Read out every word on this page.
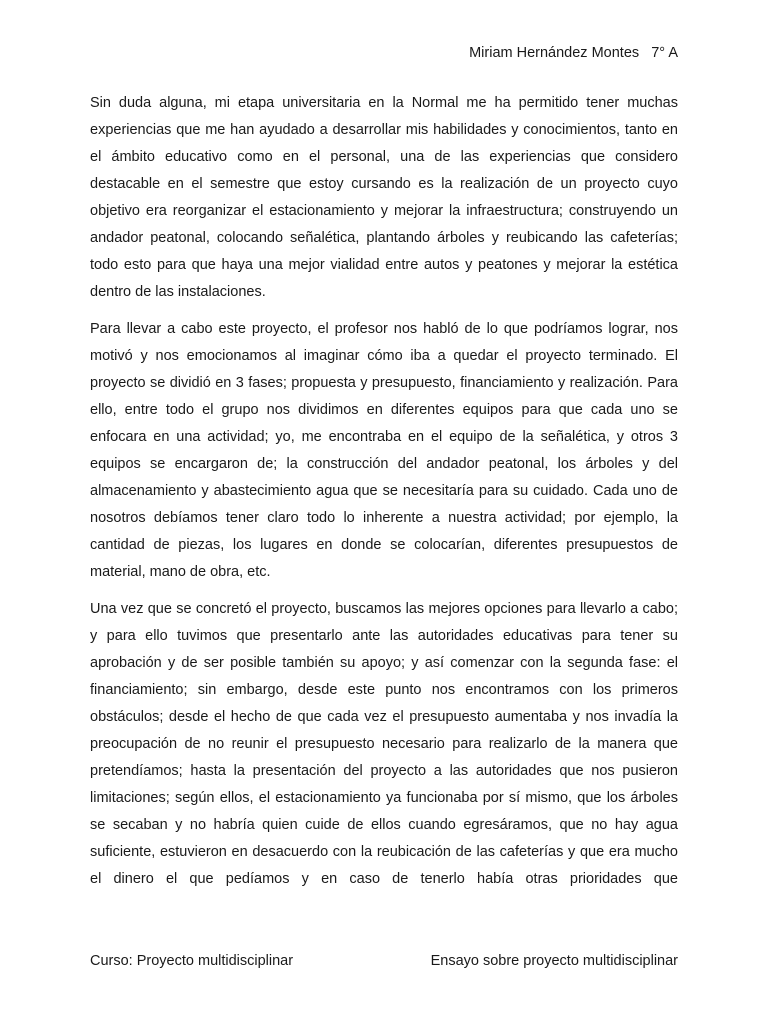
Miriam Hernández Montes 7° A

Sin duda alguna, mi etapa universitaria en la Normal me ha permitido tener muchas experiencias que me han ayudado a desarrollar mis habilidades y conocimientos, tanto en el ámbito educativo como en el personal, una de las experiencias que considero destacable en el semestre que estoy cursando es la realización de un proyecto cuyo objetivo era reorganizar el estacionamiento y mejorar la infraestructura; construyendo un andador peatonal, colocando señalética, plantando árboles y reubicando las cafeterías; todo esto para que haya una mejor vialidad entre autos y peatones y mejorar la estética dentro de las instalaciones.

Para llevar a cabo este proyecto, el profesor nos habló de lo que podríamos lograr, nos motivó y nos emocionamos al imaginar cómo iba a quedar el proyecto terminado. El proyecto se dividió en 3 fases; propuesta y presupuesto, financiamiento y realización. Para ello, entre todo el grupo nos dividimos en diferentes equipos para que cada uno se enfocara en una actividad; yo, me encontraba en el equipo de la señalética, y otros 3 equipos se encargaron de; la construcción del andador peatonal, los árboles y del almacenamiento y abastecimiento agua que se necesitaría para su cuidado. Cada uno de nosotros debíamos tener claro todo lo inherente a nuestra actividad; por ejemplo, la cantidad de piezas, los lugares en donde se colocarían, diferentes presupuestos de material, mano de obra, etc.

Una vez que se concretó el proyecto, buscamos las mejores opciones para llevarlo a cabo; y para ello tuvimos que presentarlo ante las autoridades educativas para tener su aprobación y de ser posible también su apoyo; y así comenzar con la segunda fase: el financiamiento; sin embargo, desde este punto nos encontramos con los primeros obstáculos; desde el hecho de que cada vez el presupuesto aumentaba y nos invadía la preocupación de no reunir el presupuesto necesario para realizarlo de la manera que pretendíamos; hasta la presentación del proyecto a las autoridades que nos pusieron limitaciones; según ellos, el estacionamiento ya funcionaba por sí mismo, que los árboles se secaban y no habría quien cuide de ellos cuando egresáramos, que no hay agua suficiente, estuvieron en desacuerdo con la reubicación de las cafeterías y que era mucho el dinero el que pedíamos y en caso de tenerlo había otras prioridades que

Curso: Proyecto multidisciplinar	Ensayo sobre proyecto multidisciplinar
